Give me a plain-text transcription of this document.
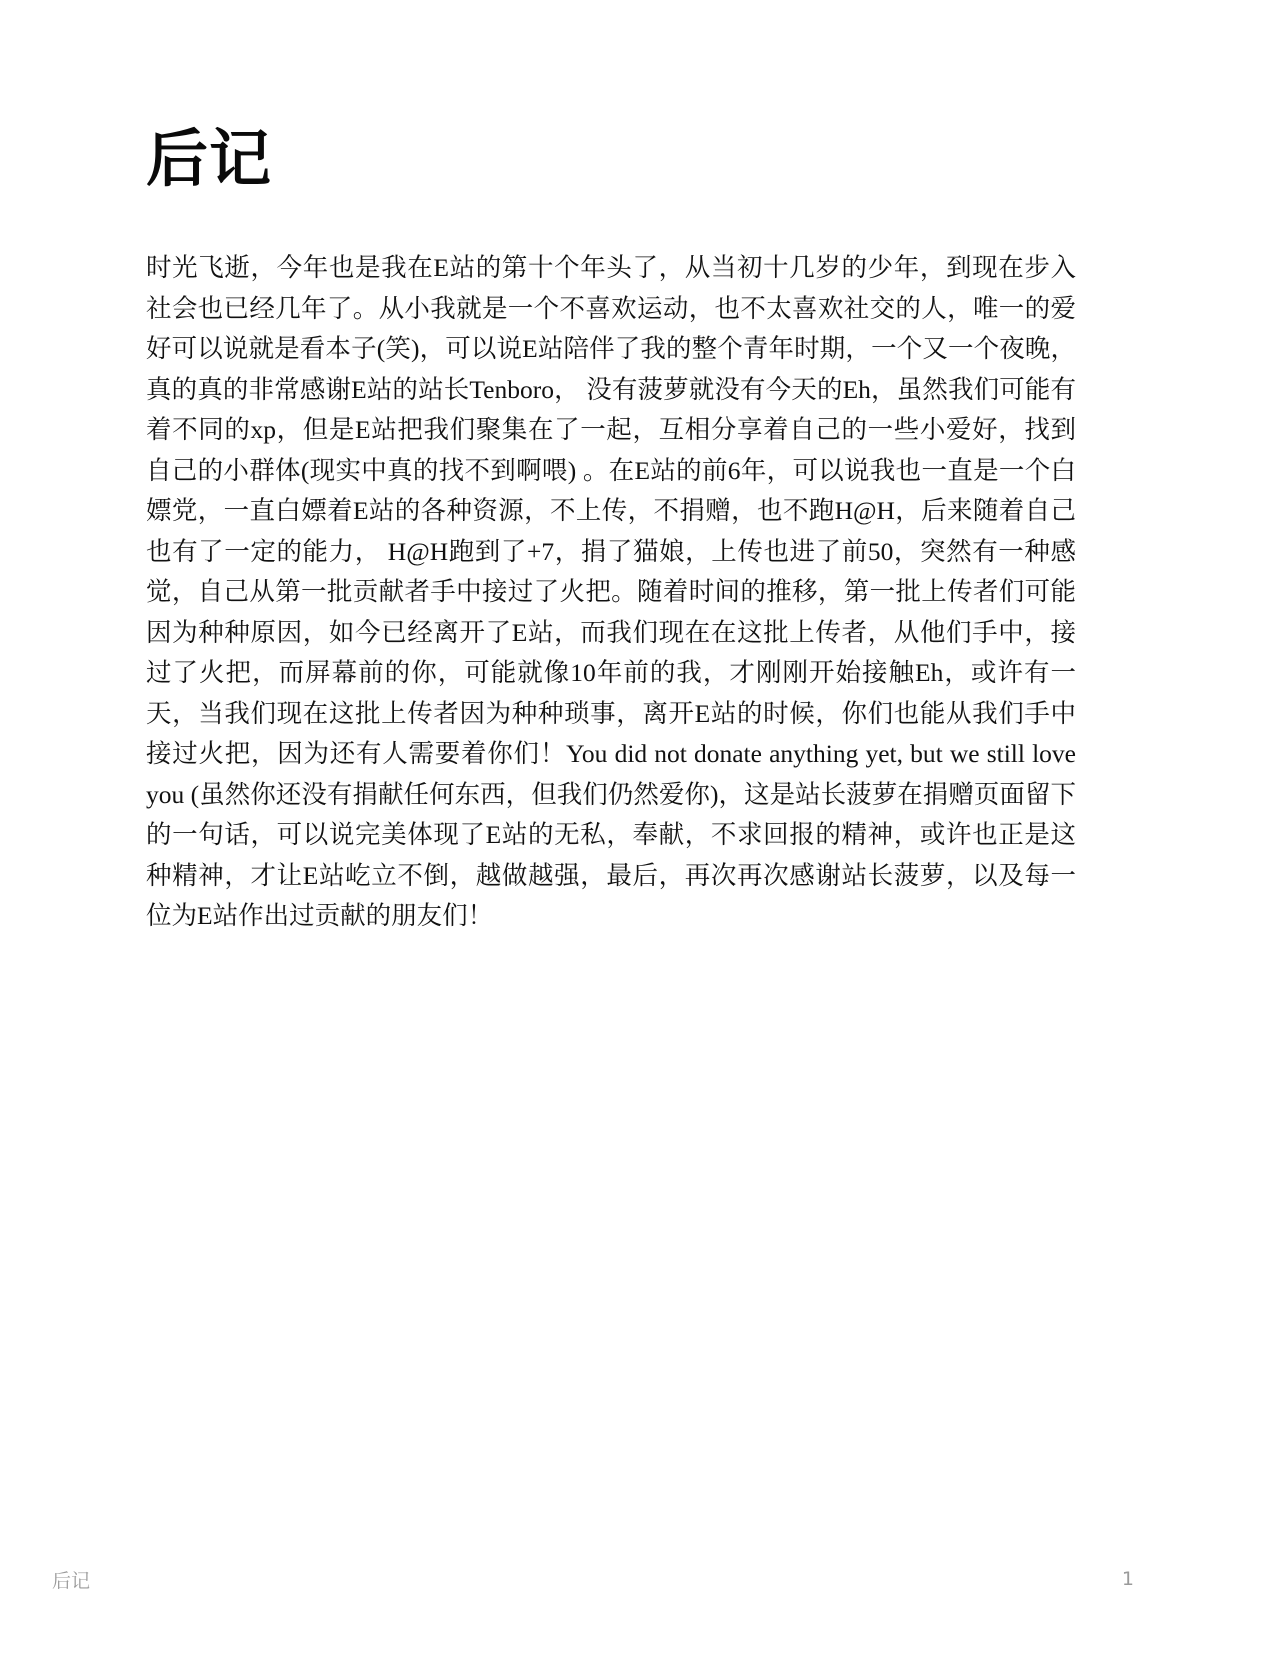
后记

时光飞逝，今年也是我在E站的第十个年头了，从当初十几岁的少年，到现在步入社会也已经几年了。从小我就是一个不喜欢运动，也不太喜欢社交的人，唯一的爱好可以说就是看本子(笑)，可以说E站陪伴了我的整个青年时期，一个又一个夜晚，真的真的非常感谢E站的站长Tenboro， 没有菠萝就没有今天的Eh，虽然我们可能有着不同的xp，但是E站把我们聚集在了一起，互相分享着自己的一些小爱好，找到自己的小群体(现实中真的找不到啊喂) 。在E站的前6年，可以说我也一直是一个白嫖党，一直白嫖着E站的各种资源，不上传，不捐赠，也不跑H@H，后来随着自己也有了一定的能力， H@H跑到了+7，捐了猫娘，上传也进了前50，突然有一种感觉，自己从第一批贡献者手中接过了火把。随着时间的推移，第一批上传者们可能因为种种原因，如今已经离开了E站，而我们现在在这批上传者，从他们手中，接过了火把，而屏幕前的你，可能就像10年前的我，才刚刚开始接触Eh，或许有一天，当我们现在这批上传者因为种种琐事，离开E站的时候，你们也能从我们手中接过火把，因为还有人需要着你们！You did not donate anything yet, but we still love you (虽然你还没有捐献任何东西，但我们仍然爱你)，这是站长菠萝在捐赠页面留下的一句话，可以说完美体现了E站的无私，奉献，不求回报的精神，或许也正是这种精神，才让E站屹立不倒，越做越强，最后，再次再次感谢站长菠萝，以及每一位为E站作出过贡献的朋友们！

后记	1
